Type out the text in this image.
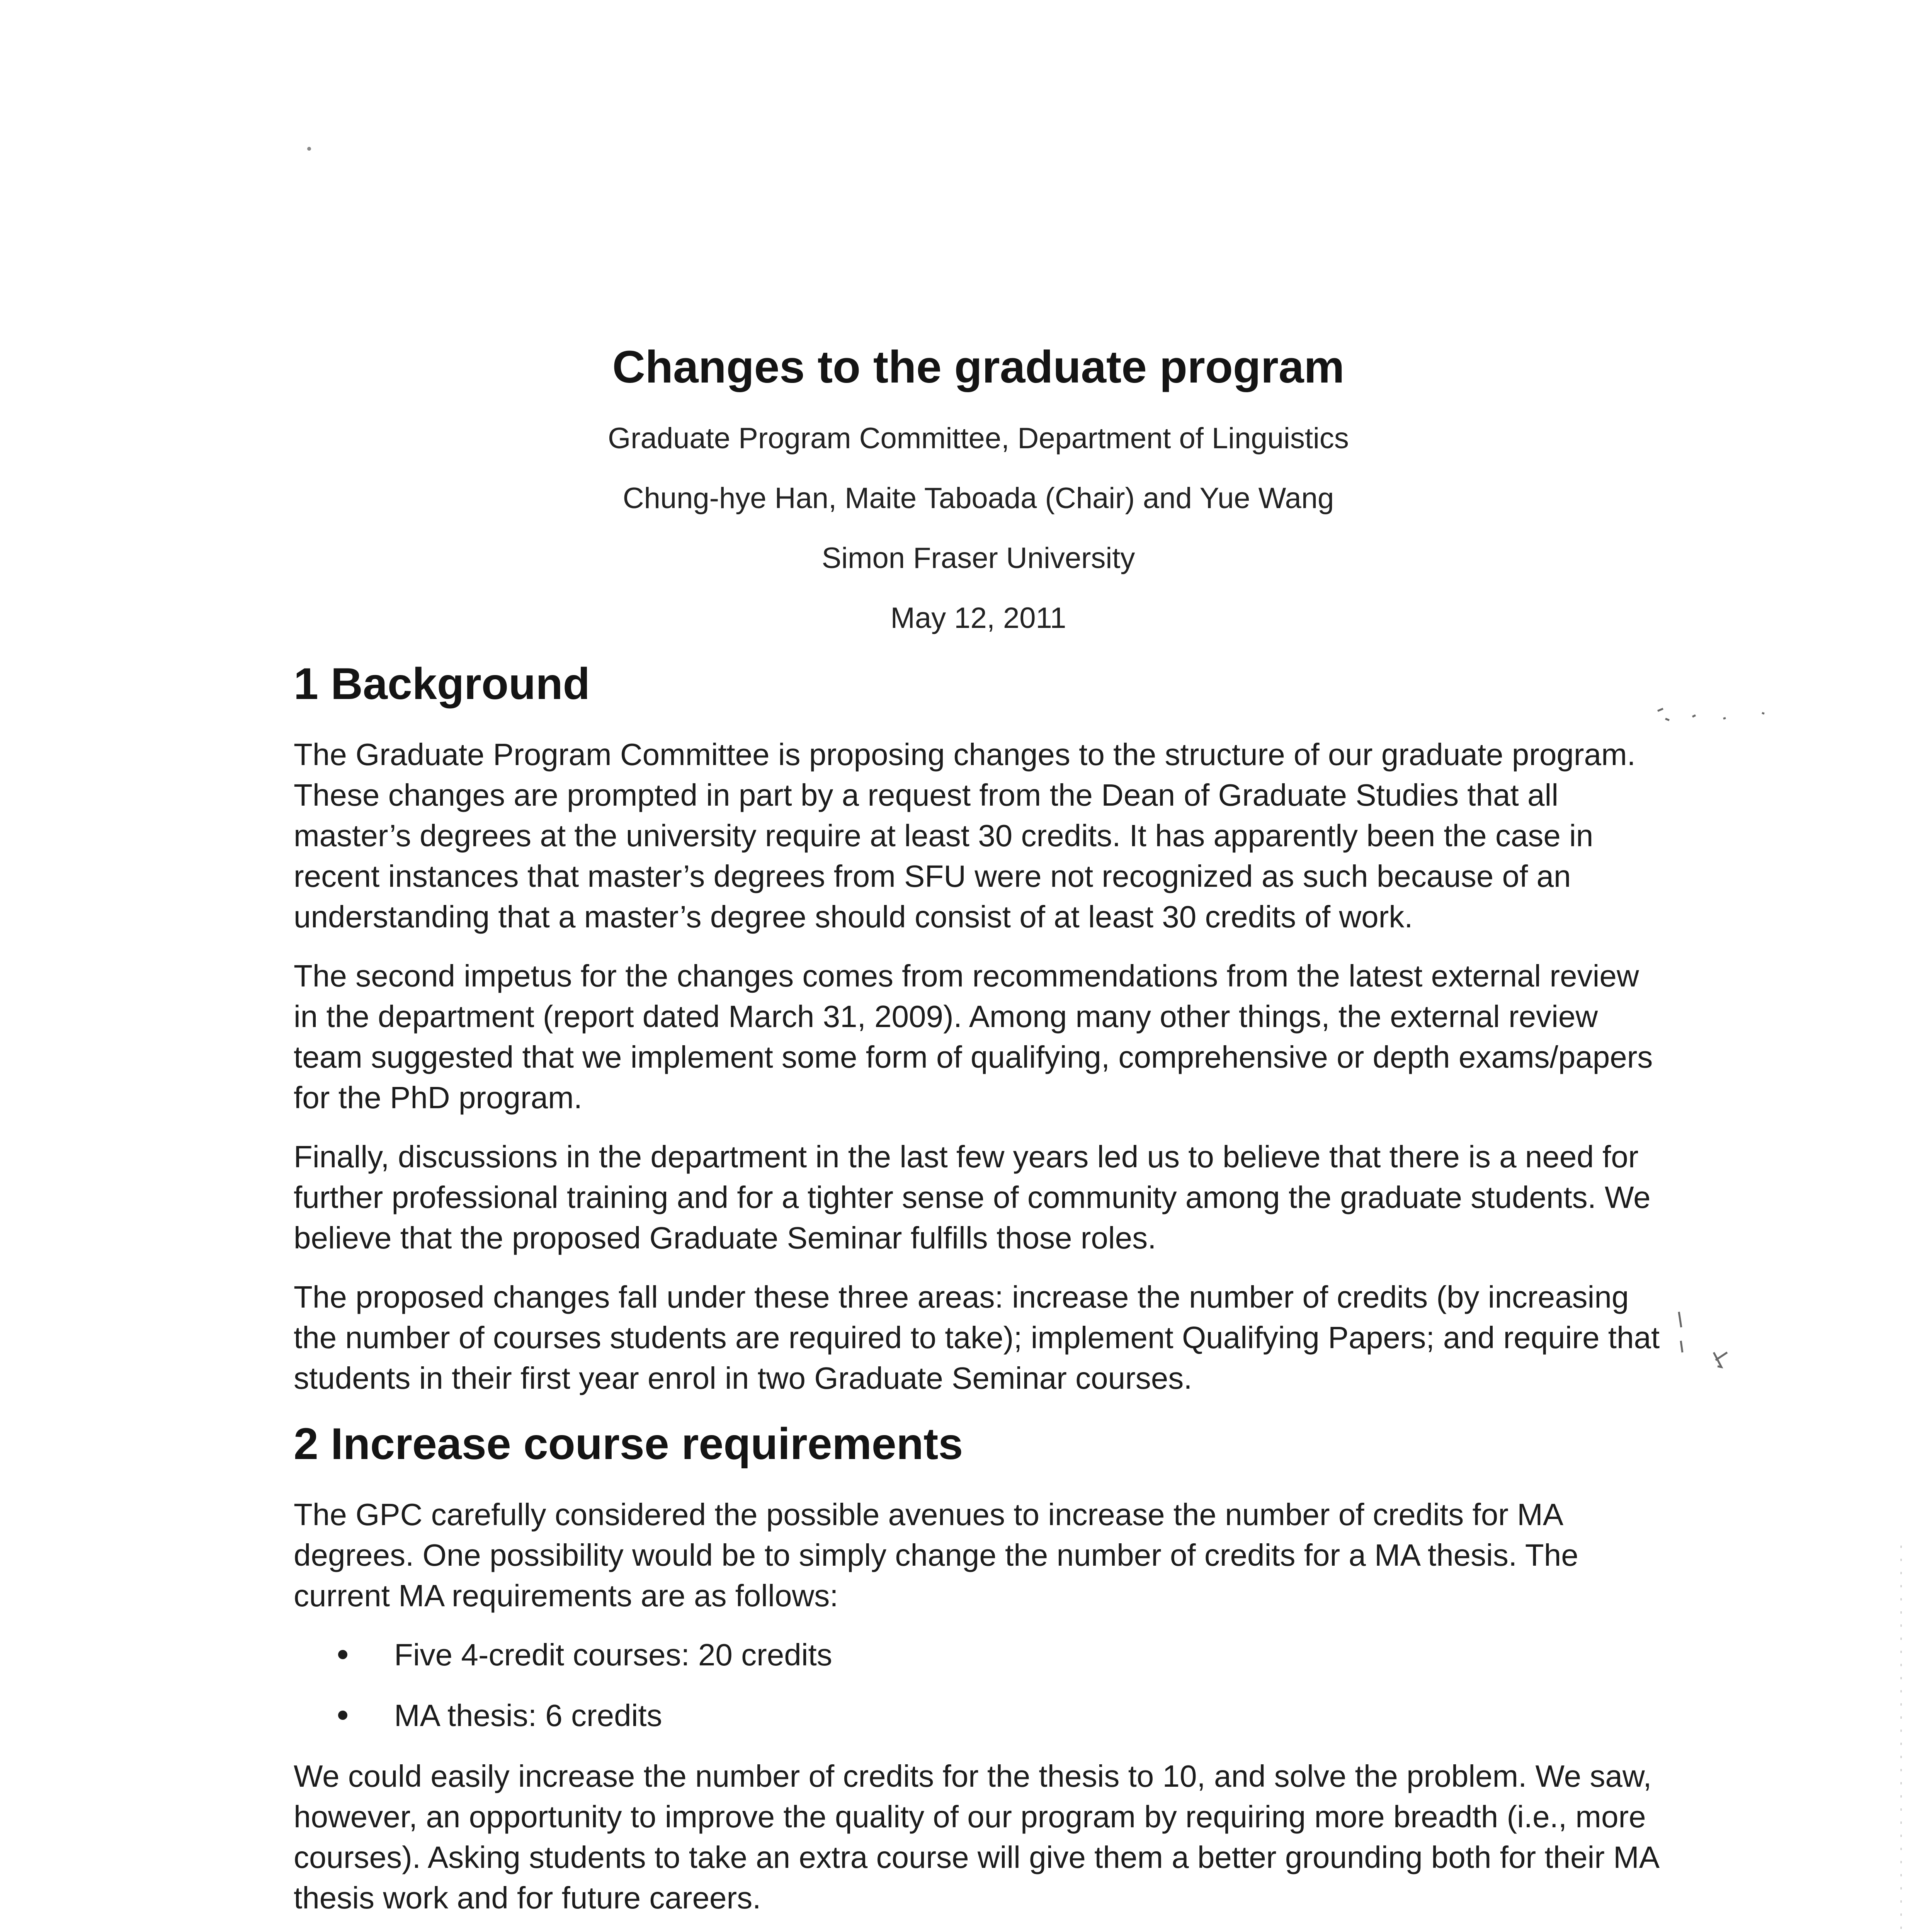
Changes to the graduate program
Graduate Program Committee, Department of Linguistics
Chung-hye Han, Maite Taboada (Chair) and Yue Wang
Simon Fraser University
May 12, 2011
1 Background

The Graduate Program Committee is proposing changes to the structure of our graduate program. These changes are prompted in part by a request from the Dean of Graduate Studies that all master’s degrees at the university require at least 30 credits. It has apparently been the case in recent instances that master’s degrees from SFU were not recognized as such because of an understanding that a master’s degree should consist of at least 30 credits of work.

The second impetus for the changes comes from recommendations from the latest external review in the department (report dated March 31, 2009). Among many other things, the external review team suggested that we implement some form of qualifying, comprehensive or depth exams/papers for the PhD program.

Finally, discussions in the department in the last few years led us to believe that there is a need for further professional training and for a tighter sense of community among the graduate students. We believe that the proposed Graduate Seminar fulfills those roles.

The proposed changes fall under these three areas: increase the number of credits (by increasing the number of courses students are required to take); implement Qualifying Papers; and require that students in their first year enrol in two Graduate Seminar courses.

2 Increase course requirements

The GPC carefully considered the possible avenues to increase the number of credits for MA degrees. One possibility would be to simply change the number of credits for a MA thesis. The current MA requirements are as follows:

Five 4-credit courses: 20 credits
MA thesis: 6 credits

We could easily increase the number of credits for the thesis to 10, and solve the problem. We saw, however, an opportunity to improve the quality of our program by requiring more breadth (i.e., more courses). Asking students to take an extra course will give them a better grounding both for their MA thesis work and for future careers.
